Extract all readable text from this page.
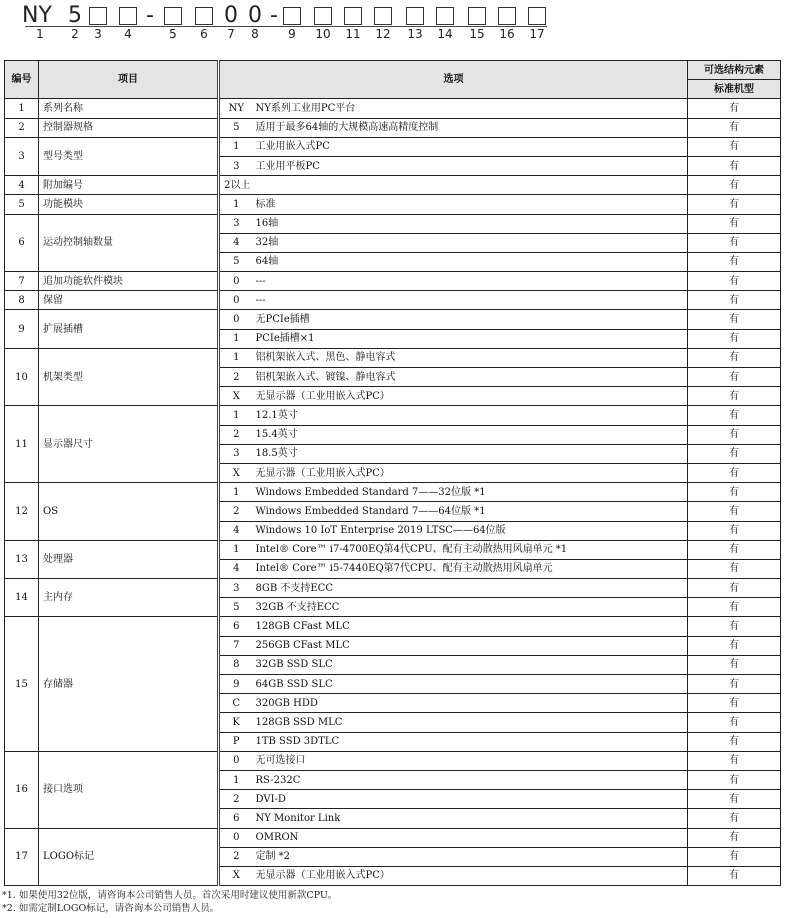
NY 5	-	0 0 -
1 2 3 4	5 6 7 8 9 10 11 12 13 14 15 16 17
编号	项目	选项		可选结构元素
				标准机型
1	系列名称	NY	NY系列工业用PC平台	有
2	控制器规格	5	适用于最多64轴的大规模高速高精度控制	有
3	型号类型	1	工业用嵌入式PC	有
		3	工业用平板PC	有
4	附加编号	2以上		有
5	功能模块	1	标准	有
6	运动控制轴数量	3	16轴	有
		4	32轴	有
		5	64轴	有
7	追加功能软件模块	0	---	有
8	保留	0	---	有
9	扩展插槽	0	无PCIe插槽	有
		1	PCIe插槽×1	有
10	机架类型	1	铝机架嵌入式、黑色、静电容式	有
		2	铝机架嵌入式、镀镍、静电容式	有
		X	无显示器（工业用嵌入式PC）	有
11	显示器尺寸	1	12.1英寸	有
		2	15.4英寸	有
		3	18.5英寸	有
		X	无显示器（工业用嵌入式PC）	有
12	OS	1	Windows Embedded Standard 7——32位版 *1	有
		2	Windows Embedded Standard 7——64位版 *1	有
		4	Windows 10 IoT Enterprise 2019 LTSC——64位版	有
13	处理器	1	Intel® Core™ i7-4700EQ第4代CPU、配有主动散热用风扇单元 *1	有
		4	Intel® Core™ i5-7440EQ第7代CPU、配有主动散热用风扇单元	有
14	主内存	3	8GB 不支持ECC	有
		5	32GB 不支持ECC	有
15	存储器	6	128GB CFast MLC	有
		7	256GB CFast MLC	有
		8	32GB SSD SLC	有
		9	64GB SSD SLC	有
		C	320GB HDD	有
		K	128GB SSD MLC	有
		P	1TB SSD 3DTLC	有
16	接口选项	0	无可选接口	有
		1	RS-232C	有
		2	DVI-D	有
		6	NY Monitor Link	有
17	LOGO标记	0	OMRON	有
		2	定制 *2	有
		X	无显示器（工业用嵌入式PC）	有
*1. 如果使用32位版，请咨询本公司销售人员。首次采用时建议使用新款CPU。
*2. 如需定制LOGO标记，请咨询本公司销售人员。
